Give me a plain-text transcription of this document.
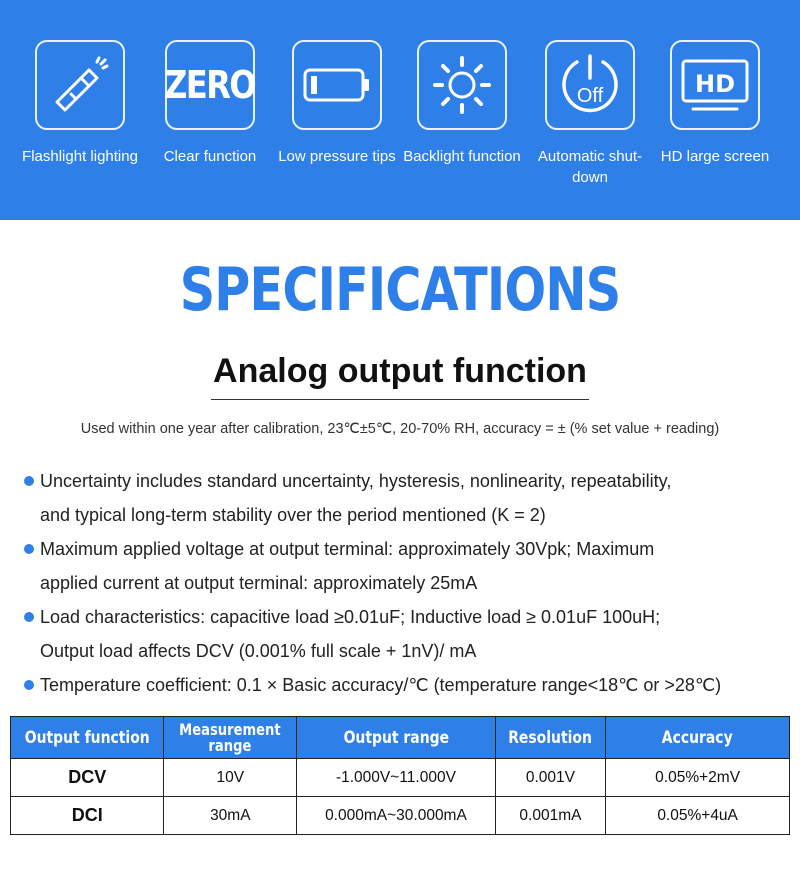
Flashlight lighting
ZERO
Clear function	Low pressure tips Backlight function
Off
Automatic shut-down
HD
HD large screen
SPECIFICATIONS
Analog output function
Used within one year after calibration, 23℃±5℃, 20-70% RH, accuracy = ± (% set value + reading)
Uncertainty includes standard uncertainty, hysteresis, nonlinearity, repeatability,
and typical long-term stability over the period mentioned (K = 2)
Maximum applied voltage at output terminal: approximately 30Vpk; Maximum
applied current at output terminal: approximately 25mA
Load characteristics: capacitive load ≥0.01uF; Inductive load ≥ 0.01uF 100uH;
Output load affects DCV (0.001% full scale + 1nV)/ mA
Temperature coefficient: 0.1 × Basic accuracy/℃ (temperature range<18℃ or >28℃)
Output function	Measurement range	Output range	Resolution	Accuracy
DCV	10V	-1.000V~11.000V	0.001V	0.05%+2mV
DCI	30mA	0.000mA~30.000mA	0.001mA	0.05%+4uA
